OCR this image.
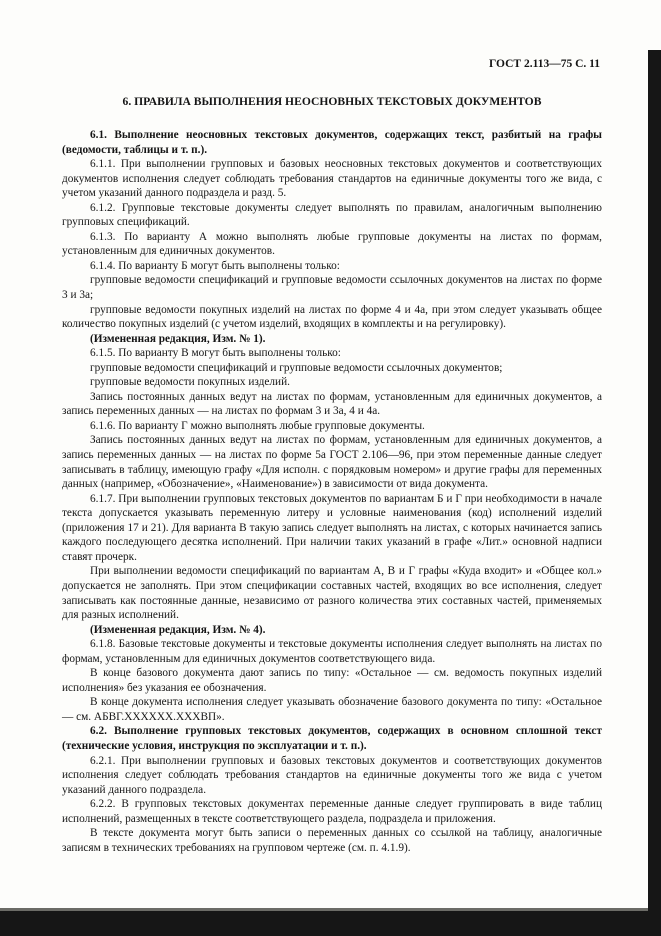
ГОСТ 2.113—75 С. 11
6. ПРАВИЛА ВЫПОЛНЕНИЯ НЕОСНОВНЫХ ТЕКСТОВЫХ ДОКУМЕНТОВ

6.1. Выполнение неосновных текстовых документов, содержащих текст, разбитый на графы (ведомости, таблицы и т. п.).

6.1.1. При выполнении групповых и базовых неосновных текстовых документов и соответствующих документов исполнения следует соблюдать требования стандартов на единичные документы того же вида, с учетом указаний данного подраздела и разд. 5.

6.1.2. Групповые текстовые документы следует выполнять по правилам, аналогичным выполнению групповых спецификаций.

6.1.3. По варианту А можно выполнять любые групповые документы на листах по формам, установленным для единичных документов.

6.1.4. По варианту Б могут быть выполнены только:

групповые ведомости спецификаций и групповые ведомости ссылочных документов на листах по форме 3 и 3а;

групповые ведомости покупных изделий на листах по форме 4 и 4а, при этом следует указывать общее количество покупных изделий (с учетом изделий, входящих в комплекты и на регулировку).

(Измененная редакция, Изм. № 1).

6.1.5. По варианту В могут быть выполнены только:

групповые ведомости спецификаций и групповые ведомости ссылочных документов;

групповые ведомости покупных изделий.

Запись постоянных данных ведут на листах по формам, установленным для единичных документов, а запись переменных данных — на листах по формам 3 и 3а, 4 и 4а.

6.1.6. По варианту Г можно выполнять любые групповые документы.

Запись постоянных данных ведут на листах по формам, установленным для единичных документов, а запись переменных данных — на листах по форме 5а ГОСТ 2.106—96, при этом переменные данные следует записывать в таблицу, имеющую графу «Для исполн. с порядковым номером» и другие графы для переменных данных (например, «Обозначение», «Наименование») в зависимости от вида документа.

6.1.7. При выполнении групповых текстовых документов по вариантам Б и Г при необходимости в начале текста допускается указывать переменную литеру и условные наименования (код) исполнений изделий (приложения 17 и 21). Для варианта В такую запись следует выполнять на листах, с которых начинается запись каждого последующего десятка исполнений. При наличии таких указаний в графе «Лит.» основной надписи ставят прочерк.

При выполнении ведомости спецификаций по вариантам А, В и Г графы «Куда входит» и «Общее кол.» допускается не заполнять. При этом спецификации составных частей, входящих во все исполнения, следует записывать как постоянные данные, независимо от разного количества этих составных частей, применяемых для разных исполнений.

(Измененная редакция, Изм. № 4).

6.1.8. Базовые текстовые документы и текстовые документы исполнения следует выполнять на листах по формам, установленным для единичных документов соответствующего вида.

В конце базового документа дают запись по типу: «Остальное — см. ведомость покупных изделий исполнения» без указания ее обозначения.

В конце документа исполнения следует указывать обозначение базового документа по типу: «Остальное — см. АБВГ.XXXXXX.XXXВП».

6.2. Выполнение групповых текстовых документов, содержащих в основном сплошной текст (технические условия, инструкция по эксплуатации и т. п.).

6.2.1. При выполнении групповых и базовых текстовых документов и соответствующих документов исполнения следует соблюдать требования стандартов на единичные документы того же вида с учетом указаний данного подраздела.

6.2.2. В групповых текстовых документах переменные данные следует группировать в виде таблиц исполнений, размещенных в тексте соответствующего раздела, подраздела и приложения.

В тексте документа могут быть записи о переменных данных со ссылкой на таблицу, аналогичные записям в технических требованиях на групповом чертеже (см. п. 4.1.9).
